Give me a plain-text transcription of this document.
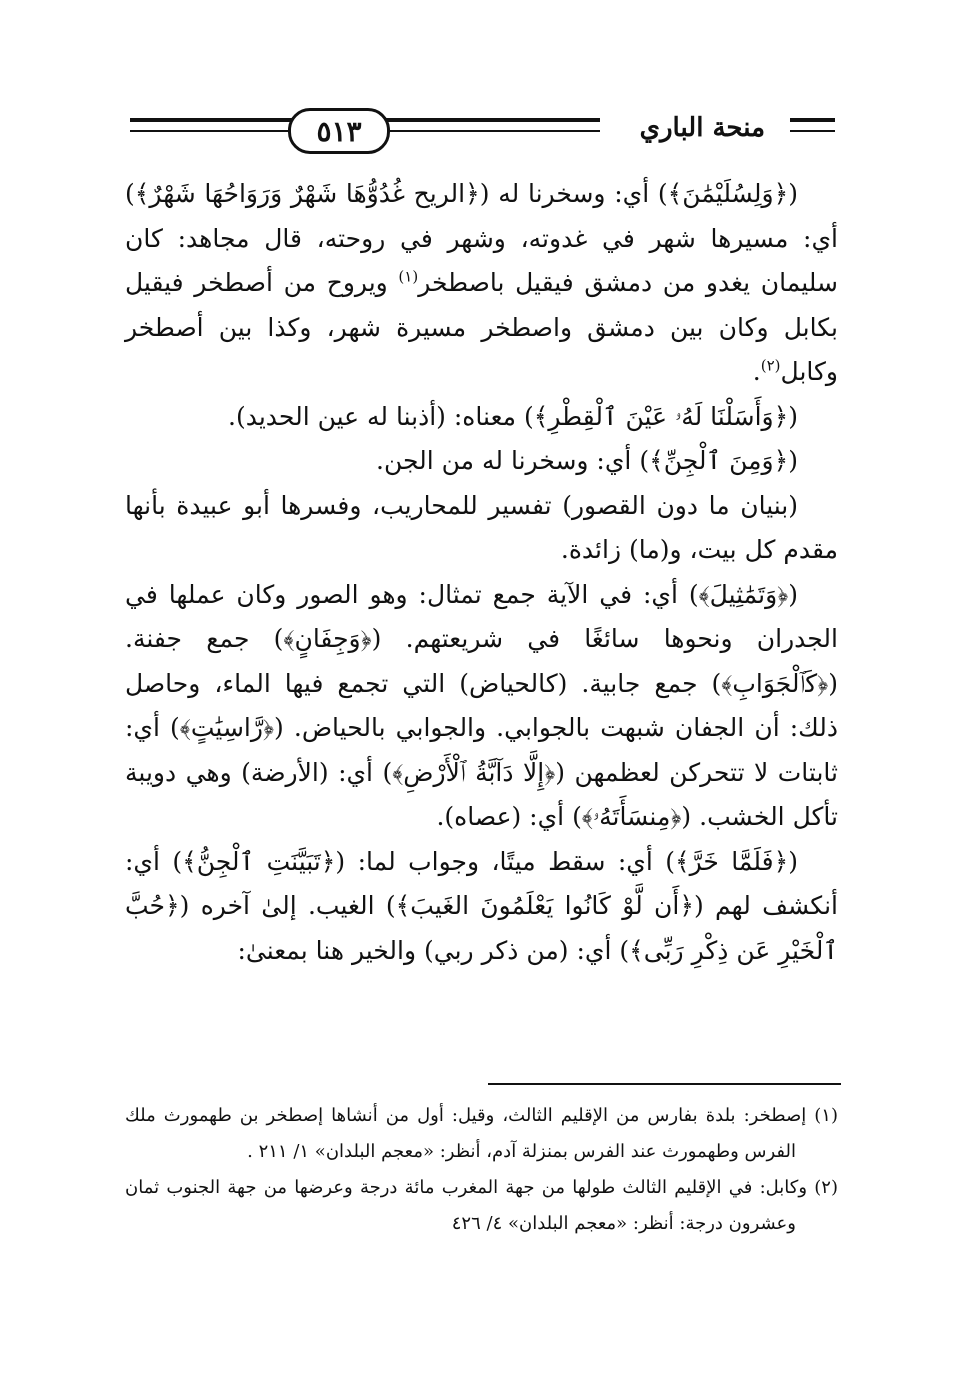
٥١٣	منحة الباري

(﴿وَلِسُلَيْمَٰنَ﴾) أي: وسخرنا له (﴿الريح غُدُوُّهَا شَهْرٌ وَرَوَاحُهَا شَهْرٌ﴾) أي: مسيرها شهر في غدوته، وشهر في روحته، قال مجاهد: كان سليمان يغدو من دمشق فيقيل باصطخر$^{(١)}$ ويروح من أصطخر فيقيل بكابل وكان بين دمشق واصطخر مسيرة شهر، وكذا بين أصطخر وكابل$^{(٢)}$.

(﴿وَأَسَلْنَا لَهُۥ عَيْنَ ٱلْقِطْرِ﴾) معناه: (أذبنا له عين الحديد).

(﴿وَمِنَ ٱلْجِنِّ﴾) أي: وسخرنا له من الجن.

(بنيان ما دون القصور) تفسير للمحاريب، وفسرها أبو عبيدة بأنها مقدم كل بيت، و(ما) زائدة.

(﴿وَتَمَٰثِيلَ﴾) أي: في الآية جمع تمثال: وهو الصور وكان عملها في الجدران ونحوها سائغًا في شريعتهم. (﴿وَجِفَانٍ﴾) جمع جفنة. (﴿كَٱلْجَوَابِ﴾) جمع جابية. (كالحياض) التي تجمع فيها الماء، وحاصل ذلك: أن الجفان شبهت بالجوابي. والجوابي بالحياض. (﴿رَّاسِيَٰتٍ﴾) أي: ثابتات لا تتحركن لعظمهن (﴿إِلَّا دَآبَّةُ ٱلْأَرْضِ﴾) أي: (الأرضة) وهي دويبة تأكل الخشب. (﴿مِنسَأَتَهُۥ﴾) أي: (عصاه).

(﴿فَلَمَّا خَرَّ﴾) أي: سقط ميتًا، وجواب لما: (﴿تَبَيَّنَتِ ٱلْجِنُّ﴾) أي: أنكشف لهم (﴿أَن لَّوْ كَانُوا يَعْلَمُونَ الغَيبَ﴾) الغيب. إلىٰ آخره (﴿حُبَّ ٱلْخَيْرِ عَن ذِكْرِ رَبِّى﴾) أي: (من ذكر ربي) والخير هنا بمعنىٰ:

(١) إصطخر: بلدة بفارس من الإقليم الثالث، وقيل: أول من أنشاها إصطخر بن طهمورث ملك الفرس وطهمورث عند الفرس بمنزلة آدم، أنظر: «معجم البلدان» ١/ ٢١١ .

(٢) وكابل: في الإقليم الثالث طولها من جهة المغرب مائة درجة وعرضها من جهة الجنوب ثمان وعشرون درجة: أنظر: «معجم البلدان» ٤/ ٤٢٦
